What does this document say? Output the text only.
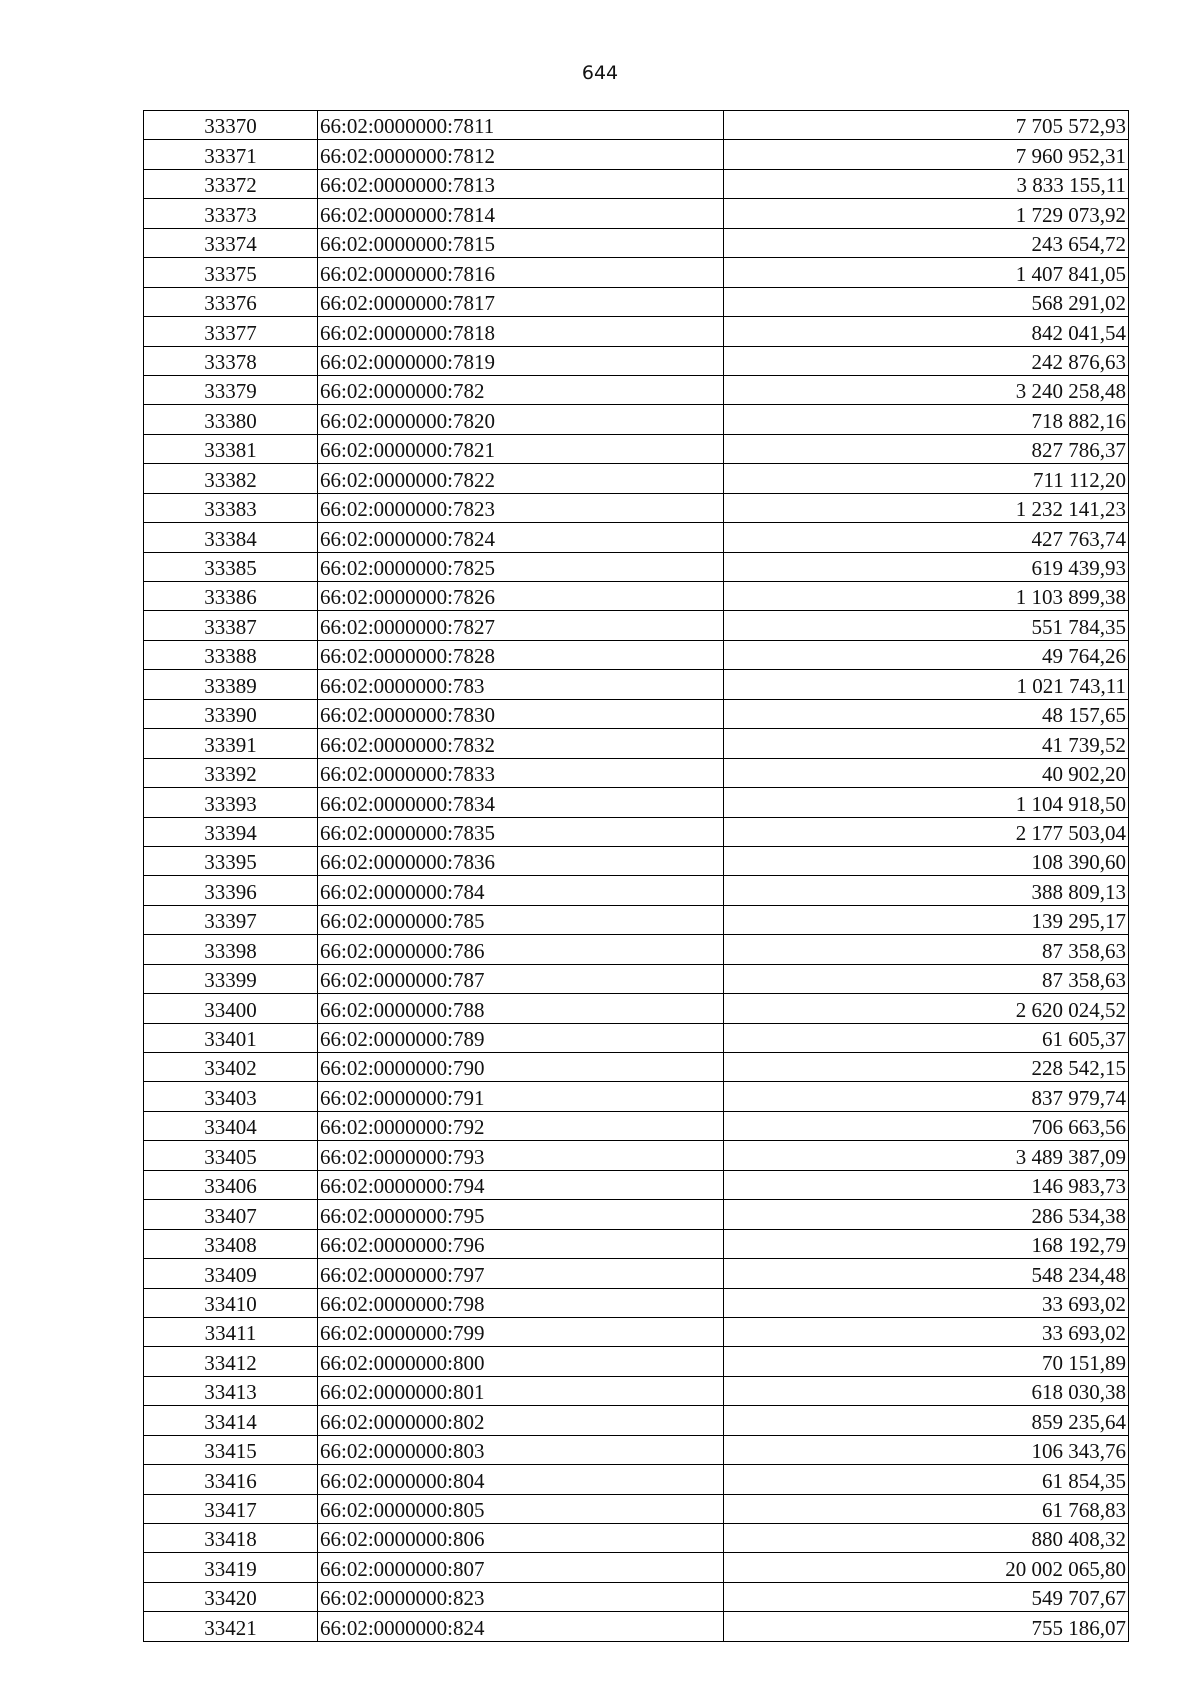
644
33370	66:02:0000000:7811	7 705 572,93
33371	66:02:0000000:7812	7 960 952,31
33372	66:02:0000000:7813	3 833 155,11
33373	66:02:0000000:7814	1 729 073,92
33374	66:02:0000000:7815	243 654,72
33375	66:02:0000000:7816	1 407 841,05
33376	66:02:0000000:7817	568 291,02
33377	66:02:0000000:7818	842 041,54
33378	66:02:0000000:7819	242 876,63
33379	66:02:0000000:782	3 240 258,48
33380	66:02:0000000:7820	718 882,16
33381	66:02:0000000:7821	827 786,37
33382	66:02:0000000:7822	711 112,20
33383	66:02:0000000:7823	1 232 141,23
33384	66:02:0000000:7824	427 763,74
33385	66:02:0000000:7825	619 439,93
33386	66:02:0000000:7826	1 103 899,38
33387	66:02:0000000:7827	551 784,35
33388	66:02:0000000:7828	49 764,26
33389	66:02:0000000:783	1 021 743,11
33390	66:02:0000000:7830	48 157,65
33391	66:02:0000000:7832	41 739,52
33392	66:02:0000000:7833	40 902,20
33393	66:02:0000000:7834	1 104 918,50
33394	66:02:0000000:7835	2 177 503,04
33395	66:02:0000000:7836	108 390,60
33396	66:02:0000000:784	388 809,13
33397	66:02:0000000:785	139 295,17
33398	66:02:0000000:786	87 358,63
33399	66:02:0000000:787	87 358,63
33400	66:02:0000000:788	2 620 024,52
33401	66:02:0000000:789	61 605,37
33402	66:02:0000000:790	228 542,15
33403	66:02:0000000:791	837 979,74
33404	66:02:0000000:792	706 663,56
33405	66:02:0000000:793	3 489 387,09
33406	66:02:0000000:794	146 983,73
33407	66:02:0000000:795	286 534,38
33408	66:02:0000000:796	168 192,79
33409	66:02:0000000:797	548 234,48
33410	66:02:0000000:798	33 693,02
33411	66:02:0000000:799	33 693,02
33412	66:02:0000000:800	70 151,89
33413	66:02:0000000:801	618 030,38
33414	66:02:0000000:802	859 235,64
33415	66:02:0000000:803	106 343,76
33416	66:02:0000000:804	61 854,35
33417	66:02:0000000:805	61 768,83
33418	66:02:0000000:806	880 408,32
33419	66:02:0000000:807	20 002 065,80
33420	66:02:0000000:823	549 707,67
33421	66:02:0000000:824	755 186,07
